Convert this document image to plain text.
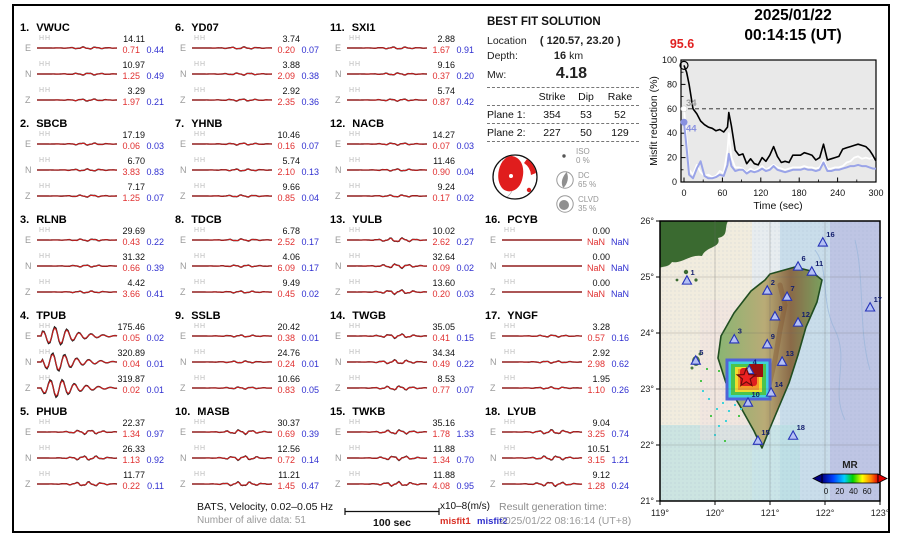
1. VWUC
E
HH	14.11
0.71 0.44
N
HH	10.97
1.25 0.49
Z
HH	3.29
1.97 0.21
2. SBCB
E
HH	17.19
0.06 0.03
N
HH	6.70
3.83 0.83
Z
HH	7.17
1.25 0.07
3. RLNB
E
HH	29.69
0.43 0.22
N
HH	31.32
0.66 0.39
Z
HH	4.42
3.66 0.41
4. TPUB
E
HH	175.46
0.05 0.02
N
HH	320.89
0.04 0.01
Z
HH	319.87
0.02 0.01
5. PHUB
E
HH	22.37
1.34 0.97
N
HH	26.33
1.13 0.92
Z
HH	11.77
0.22 0.11
6. YD07
E
HH	3.74
0.20 0.07
N
HH	3.88
2.09 0.38
Z
HH	2.92
2.35 0.36
7. YHNB
E
HH	10.46
0.16 0.07
N
HH	5.74
2.10 0.13
Z
HH	9.66
0.85 0.04
8. TDCB
E
HH	6.78
2.52 0.17
N
HH	4.06
6.09 0.17
Z
HH	9.49
0.45 0.02
9. SSLB
E
HH	20.42
0.38 0.01
N
HH	24.76
0.24 0.01
Z
HH	10.66
0.83 0.05
10. MASB
E
HH	30.37
0.69 0.39
N
HH	12.56
0.72 0.14
Z
HH	11.21
1.45 0.47
11. SXI1
E
HH	2.88
1.67 0.91
N
HH	9.16
0.37 0.20
Z
HH	5.74
0.87 0.42
12. NACB
E
HH	14.27
0.07 0.03
N
HH	11.46
0.90 0.04
Z
HH	9.24
0.17 0.02
13. YULB
E
HH	10.02
2.62 0.27
N
HH	32.64
0.09 0.02
Z
HH	13.60
0.20 0.03
14. TWGB
E
HH	35.05
0.41 0.15
N
HH	34.34
0.49 0.22
Z
HH	8.53
0.77 0.07
15. TWKB
E
HH	35.16
1.78 1.33
N
HH	11.88
1.34 0.70
Z
HH	11.88
4.08 0.95
16. PCYB
E
HH	0.00
NaN NaN
N
HH	0.00
NaN NaN
Z
HH	0.00
NaN NaN
17. YNGF
E
HH	3.28
0.57 0.16
N
HH	2.92
2.98 0.62
Z
HH	1.95
1.10 0.26
18. LYUB
E
HH	9.04
3.25 0.74
N
HH	10.51
3.15 1.21
Z
HH	9.12
1.28 0.24
BEST FIT SOLUTION
Location ( 120.57, 23.20 )
Depth:	16 km
Mw:	4.18
Strike	Dip	Rake
Plane 1:	354	53	52
Plane 2:	227	50	129
ISO
0 %
DC
65 %
CLVD
35 %
2025/01/22
00:14:15 (UT)
95.6
0
20
40
60
80
100
0	60	120	180	240	300
34
44
Misfit reduction (%)
Time (sec)
119°	120°	121°	122°	123°
26°
25°
24°
23°
22°
21°
1
2
3
4
5
6
7
8
9
10
11
12
13
14
15
16
17
18
MR
0 20 40 60
BATS, Velocity, 0.02–0.05 Hz
Number of alive data: 51	100 sec
x10–8(m/s)
misfit1 misfit2
Result generation time:
2025/01/22 08:16:14 (UT+8)
